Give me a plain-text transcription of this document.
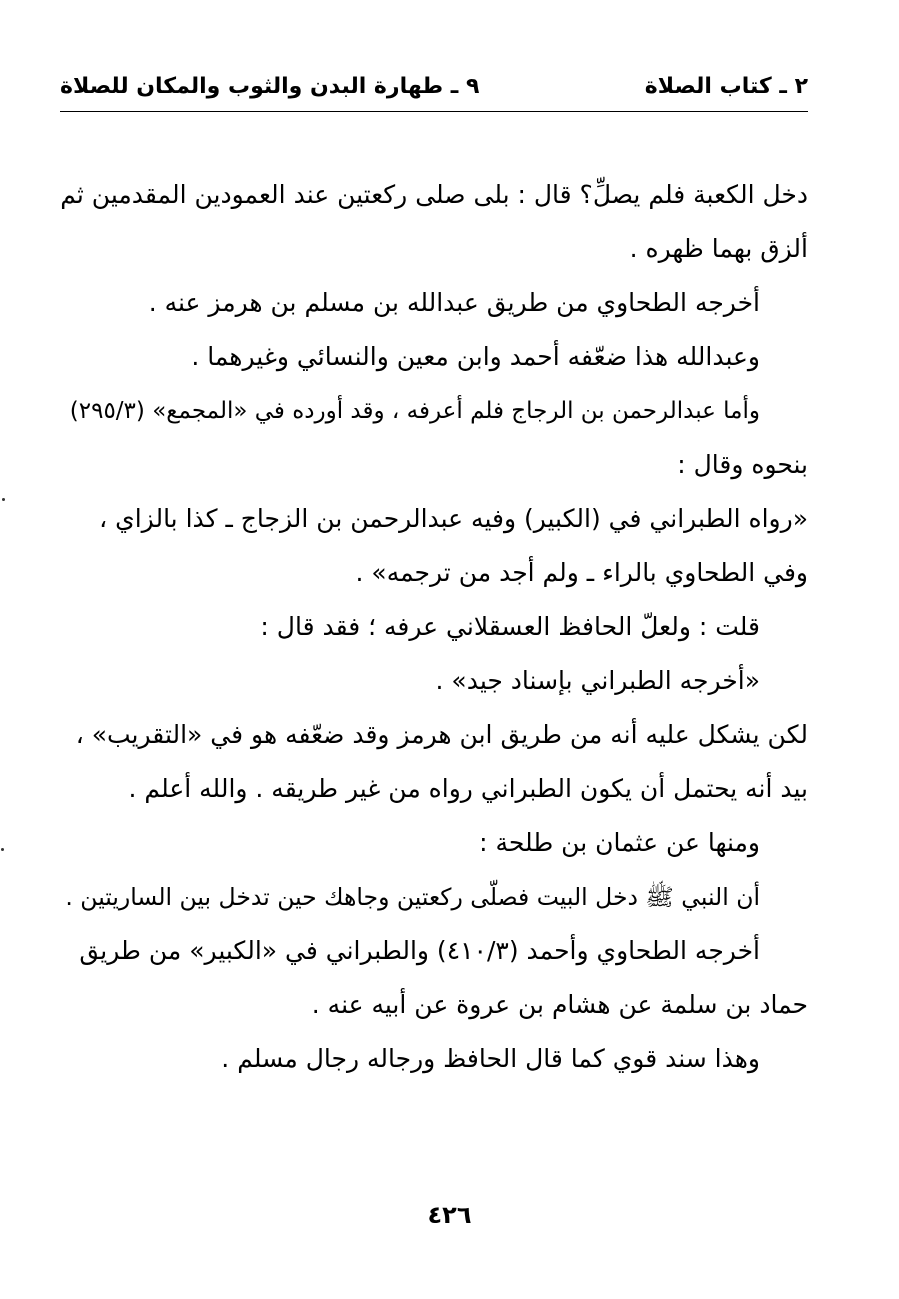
٢ ـ كتاب الصلاة
٩ ـ طهارة البدن والثوب والمكان للصلاة

دخل الكعبة فلم يصلِّ؟ قال : بلى صلى ركعتين عند العمودين المقدمين ثم
ألزق بهما ظهره .

أخرجه الطحاوي من طريق عبدالله بن مسلم بن هرمز عنه .

وعبدالله هذا ضعّفه أحمد وابن معين والنسائي وغيرهما .

وأما عبدالرحمن بن الرجاج فلم أعرفه ، وقد أورده في «المجمع» (٢٩٥/٣)
بنحوه وقال :

«رواه الطبراني في (الكبير) وفيه عبدالرحمن بن الزجاج ـ كذا بالزاي ،
وفي الطحاوي بالراء ـ ولم أجد من ترجمه» .

قلت : ولعلّ الحافظ العسقلاني عرفه ؛ فقد قال :

«أخرجه الطبراني بإسناد جيد» .

لكن يشكل عليه أنه من طريق ابن هرمز وقد ضعّفه هو في «التقريب» ،
بيد أنه يحتمل أن يكون الطبراني رواه من غير طريقه . والله أعلم .

ومنها عن عثمان بن طلحة :

أن النبي ﷺ دخل البيت فصلّى ركعتين وجاهك حين تدخل بين الساريتين .

أخرجه الطحاوي وأحمد (٤١٠/٣) والطبراني في «الكبير» من طريق
حماد بن سلمة عن هشام بن عروة عن أبيه عنه .

وهذا سند قوي كما قال الحافظ ورجاله رجال مسلم .

٤٢٦
